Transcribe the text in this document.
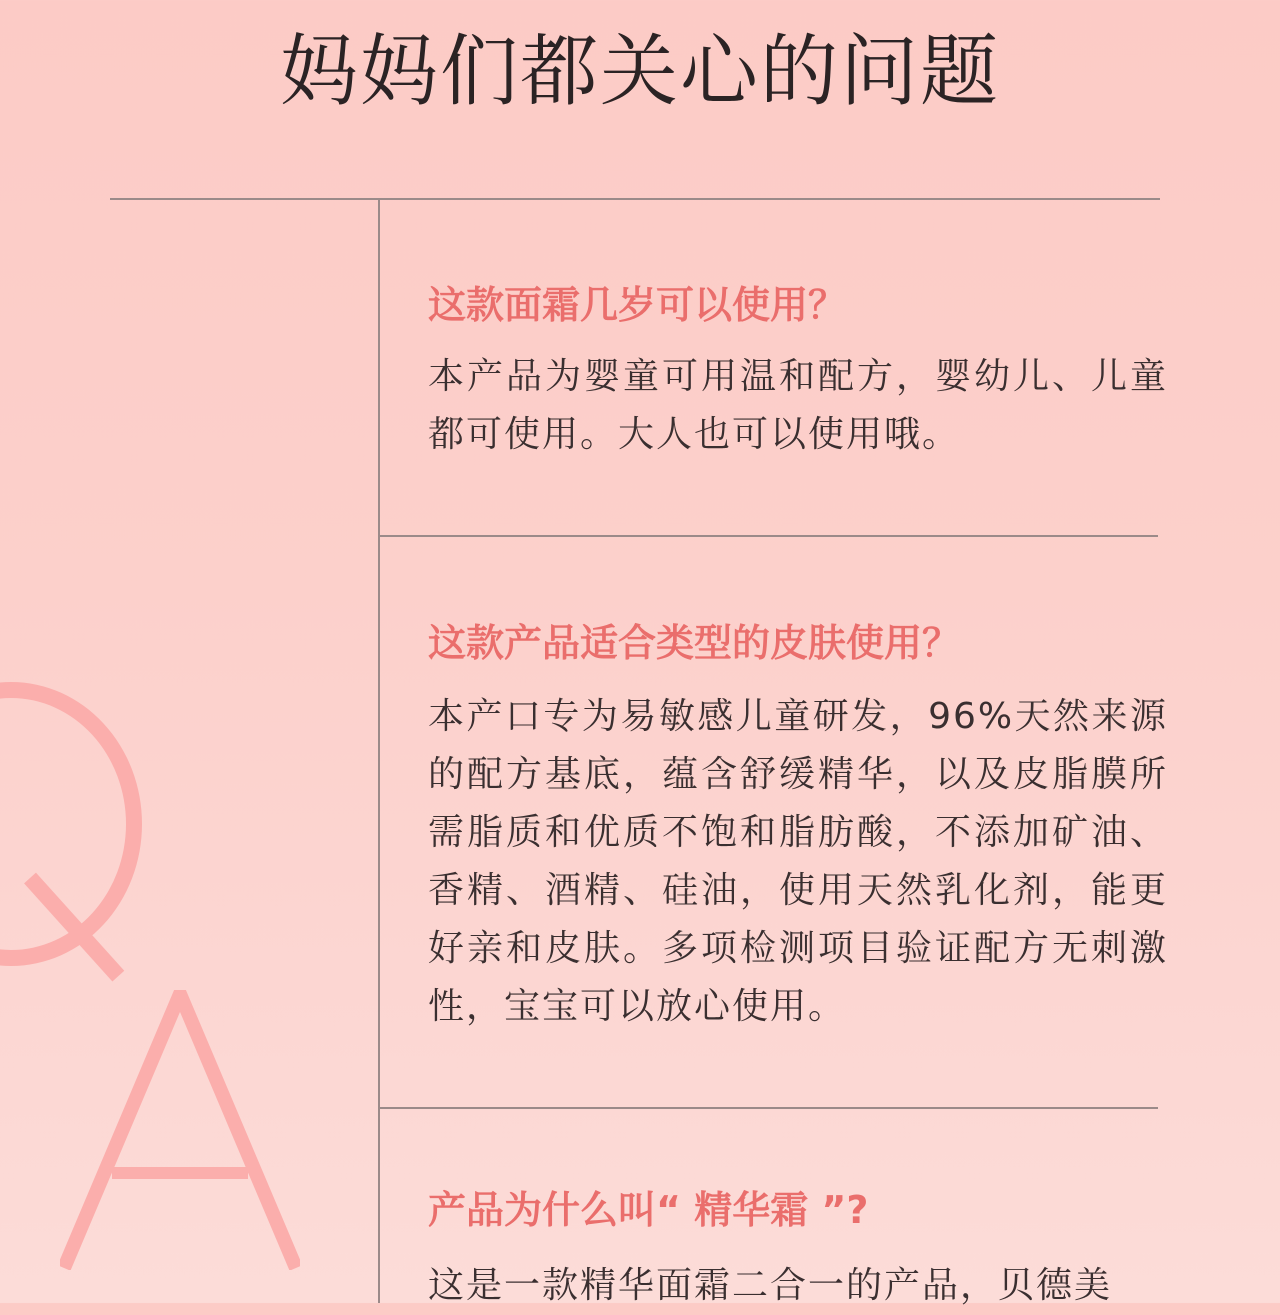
妈妈们都关心的问题

这款面霜几岁可以使用？

本产品为婴童可用温和配方，婴幼儿、儿童都可使用。大人也可以使用哦。

这款产品适合类型的皮肤使用？

本产口专为易敏感儿童研发，96%天然来源的配方基底，蕴含舒缓精华，以及皮脂膜所需脂质和优质不饱和脂肪酸，不添加矿油、香精、酒精、硅油，使用天然乳化剂，能更好亲和皮肤。多项检测项目验证配方无刺激性，宝宝可以放心使用。

产品为什么叫“ 精华霜 ”?

这是一款精华面霜二合一的产品，贝德美
